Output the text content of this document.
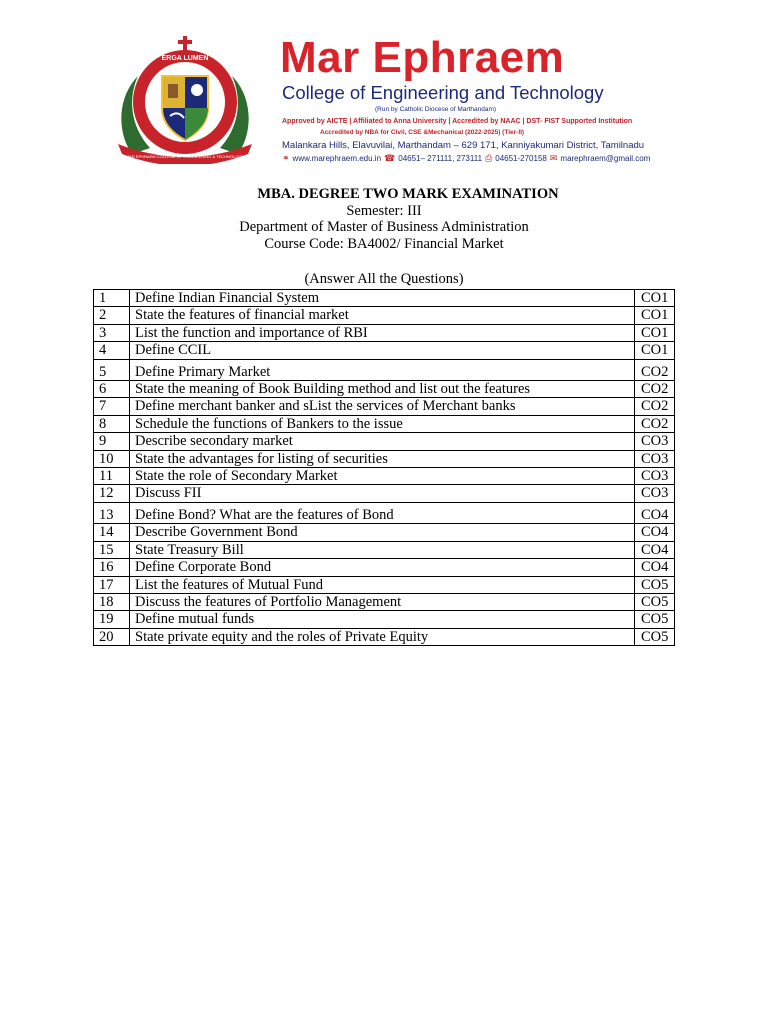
ERGA LUMEN
MAR EPHRAEM COLLEGE OF ENGINEERING & TECHNOLOGY
Mar Ephraem
College of Engineering and Technology
(Run by Catholic Diocese of Marthandam)
Approved by AICTE | Affiliated to Anna University | Accredited by NAAC | DST- FIST Supported Institution
Accredited by NBA for Civil, CSE &Mechanical (2022-2025) (Tier-II)
Malankara Hills, Elavuvilai, Marthandam – 629 171, Kanniyakumari District, Tamilnadu
⚭ www.marephraem.edu.in ☎ 04651– 271111, 273111 ⎙ 04651-270158 ✉ marephraem@gmail.com
MBA. DEGREE TWO MARK EXAMINATION
Semester: III
Department of Master of Business Administration
Course Code: BA4002/ Financial Market
(Answer All the Questions)
1	Define Indian Financial System	CO1
2	State the features of financial market	CO1
3	List the function and importance of RBI	CO1
4	Define CCIL	CO1
5	Define Primary Market	CO2
6	State the meaning of Book Building method and list out the features	CO2
7	Define merchant banker and sList the services of Merchant banks	CO2
8	Schedule the functions of Bankers to the issue	CO2
9	Describe secondary market	CO3
10	State the advantages for listing of securities	CO3
11	State the role of Secondary Market	CO3
12	Discuss FII	CO3
13	Define Bond? What are the features of Bond	CO4
14	Describe Government Bond	CO4
15	State Treasury Bill	CO4
16	Define Corporate Bond	CO4
17	List the features of Mutual Fund	CO5
18	Discuss the features of Portfolio Management	CO5
19	Define mutual funds	CO5
20	State private equity and the roles of Private Equity	CO5
